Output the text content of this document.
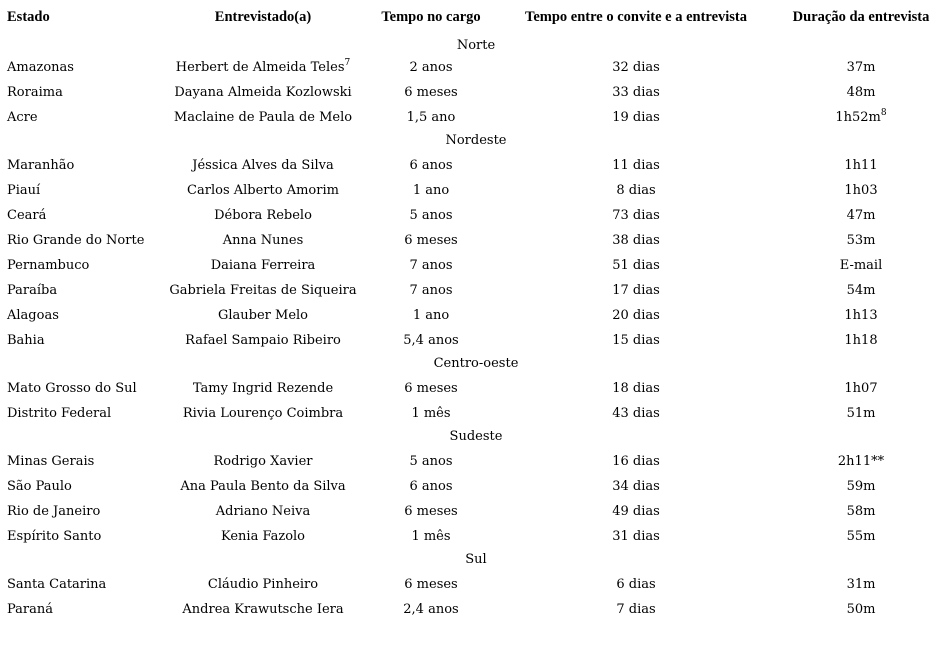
Estado	Entrevistado(a)	Tempo no cargo	Tempo entre o convite e a entrevista	Duração da entrevista
Norte
Amazonas	Herbert de Almeida Teles$^7$	2 anos	32 dias	37m
Roraima	Dayana Almeida Kozlowski	6 meses	33 dias	48m
Acre	Maclaine de Paula de Melo	1,5 ano	19 dias	$1h52m^8$
Nordeste
Maranhão	Jéssica Alves da Silva	6 anos	11 dias	1h11
Piauí	Carlos Alberto Amorim	1 ano	8 dias	1h03
Ceará	Débora Rebelo	5 anos	73 dias	47m
Rio Grande do Norte	Anna Nunes	6 meses	38 dias	53m
Pernambuco	Daiana Ferreira	7 anos	51 dias	E-mail
Paraíba	Gabriela Freitas de Siqueira	7 anos	17 dias	54m
Alagoas	Glauber Melo	1 ano	20 dias	1h13
Bahia	Rafael Sampaio Ribeiro	5,4 anos	15 dias	1h18
Centro-oeste
Mato Grosso do Sul	Tamy Ingrid Rezende	6 meses	18 dias	1h07
Distrito Federal	Rivia Lourenço Coimbra	1 mês	43 dias	51m
Sudeste
Minas Gerais	Rodrigo Xavier	5 anos	16 dias	2h11**
São Paulo	Ana Paula Bento da Silva	6 anos	34 dias	59m
Rio de Janeiro	Adriano Neiva	6 meses	49 dias	58m
Espírito Santo	Kenia Fazolo	1 mês	31 dias	55m
Sul
Santa Catarina	Cláudio Pinheiro	6 meses	6 dias	31m
Paraná	Andrea Krawutsche Iera	2,4 anos	7 dias	50m
